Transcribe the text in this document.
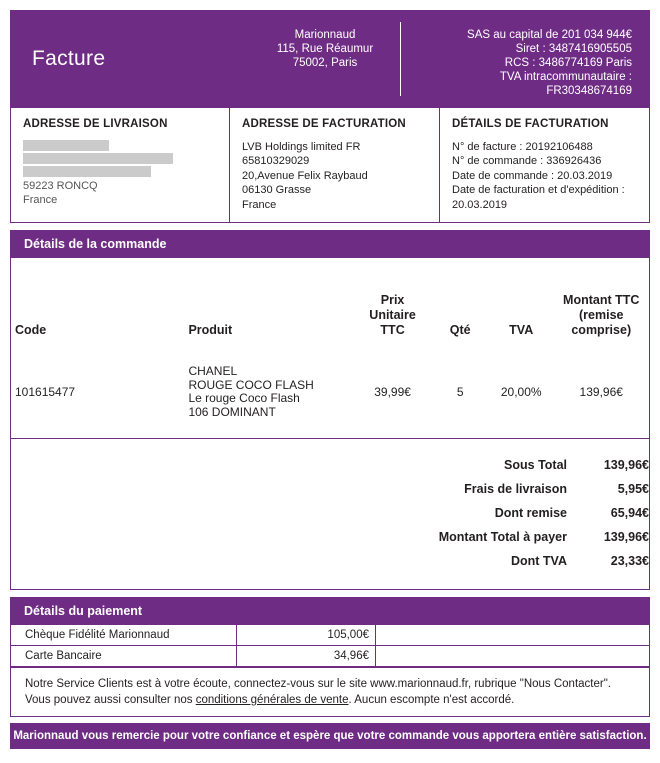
Facture
Marionnaud
115, Rue Réaumur
75002, Paris
SAS au capital de 201 034 944€
Siret : 3487416905505
RCS : 3486774169 Paris
TVA intracommunautaire :
FR30348674169
ADRESSE DE LIVRAISON
59223 RONCQ
France
ADRESSE DE FACTURATION
LVB Holdings limited FR
65810329029
20,Avenue Felix Raybaud
06130 Grasse
France
DÉTAILS DE FACTURATION
N° de facture : 20192106488
N° de commande : 336926436
Date de commande : 20.03.2019
Date de facturation et d'expédition :
20.03.2019
Détails de la commande
Code	Produit	Prix Unitaire TTC	Qté	TVA	Montant TTC (remise comprise)
101615477	CHANEL
ROUGE COCO FLASH
Le rouge Coco Flash
106 DOMINANT	39,99€	5	20,00%	139,96€
Sous Total	139,96€
Frais de livraison	5,95€
Dont remise	65,94€
Montant Total à payer	139,96€
Dont TVA	23,33€
Détails du paiement
Chèque Fidélité Marionnaud	105,00€	
Carte Bancaire	34,96€	
Notre Service Clients est à votre écoute, connectez-vous sur le site www.marionnaud.fr, rubrique "Nous Contacter". Vous pouvez aussi consulter nos conditions générales de vente. Aucun escompte n'est accordé.
Marionnaud vous remercie pour votre confiance et espère que votre commande vous apportera entière satisfaction.
